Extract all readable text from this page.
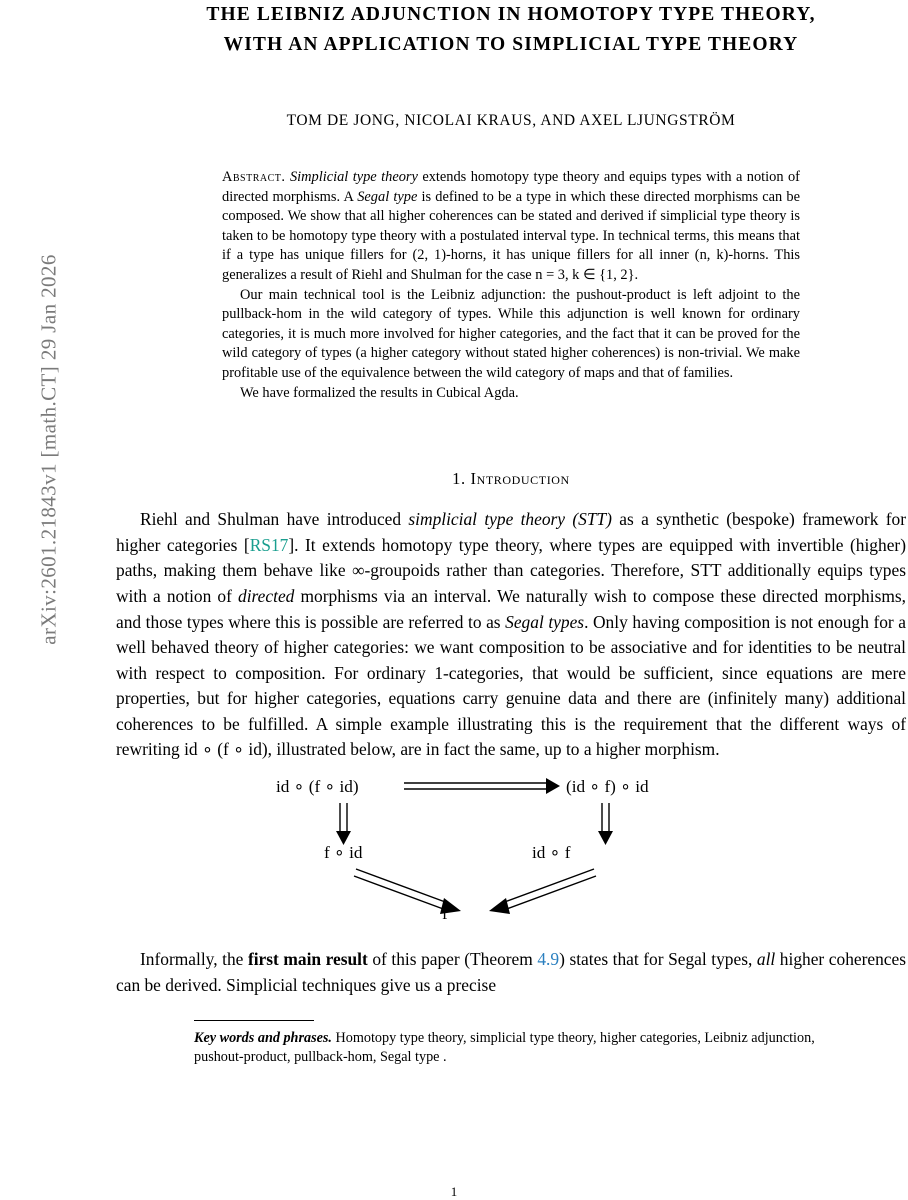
arXiv:2601.21843v1 [math.CT] 29 Jan 2026
THE LEIBNIZ ADJUNCTION IN HOMOTOPY TYPE THEORY,
WITH AN APPLICATION TO SIMPLICIAL TYPE THEORY
TOM DE JONG, NICOLAI KRAUS, AND AXEL LJUNGSTRÖM

Abstract. Simplicial type theory extends homotopy type theory and equips types with a notion of directed morphisms. A Segal type is defined to be a type in which these directed morphisms can be composed. We show that all higher coherences can be stated and derived if simplicial type theory is taken to be homotopy type theory with a postulated interval type. In technical terms, this means that if a type has unique fillers for (2, 1)-horns, it has unique fillers for all inner (n, k)-horns. This generalizes a result of Riehl and Shulman for the case n = 3, k ∈ {1, 2}.

Our main technical tool is the Leibniz adjunction: the pushout-product is left adjoint to the pullback-hom in the wild category of types. While this adjunction is well known for ordinary categories, it is much more involved for higher categories, and the fact that it can be proved for the wild category of types (a higher category without stated higher coherences) is non-trivial. We make profitable use of the equivalence between the wild category of maps and that of families.

We have formalized the results in Cubical Agda.

1. Introduction

Riehl and Shulman have introduced simplicial type theory (STT) as a synthetic (bespoke) framework for higher categories [RS17]. It extends homotopy type theory, where types are equipped with invertible (higher) paths, making them behave like ∞-groupoids rather than categories. Therefore, STT additionally equips types with a notion of directed morphisms via an interval. We naturally wish to compose these directed morphisms, and those types where this is possible are referred to as Segal types. Only having composition is not enough for a well behaved theory of higher categories: we want composition to be associative and for identities to be neutral with respect to composition. For ordinary 1-categories, that would be sufficient, since equations are mere properties, but for higher categories, equations carry genuine data and there are (infinitely many) additional coherences to be fulfilled. A simple example illustrating this is the requirement that the different ways of rewriting id ∘ (f ∘ id), illustrated below, are in fact the same, up to a higher morphism.

id ∘ (f ∘ id)	(id ∘ f) ∘ id
f ∘ id	id ∘ f
f

Informally, the first main result of this paper (Theorem 4.9) states that for Segal types, all higher coherences can be derived. Simplicial techniques give us a precise

Key words and phrases. Homotopy type theory, simplicial type theory, higher categories, Leibniz adjunction, pushout-product, pullback-hom, Segal type .
1
